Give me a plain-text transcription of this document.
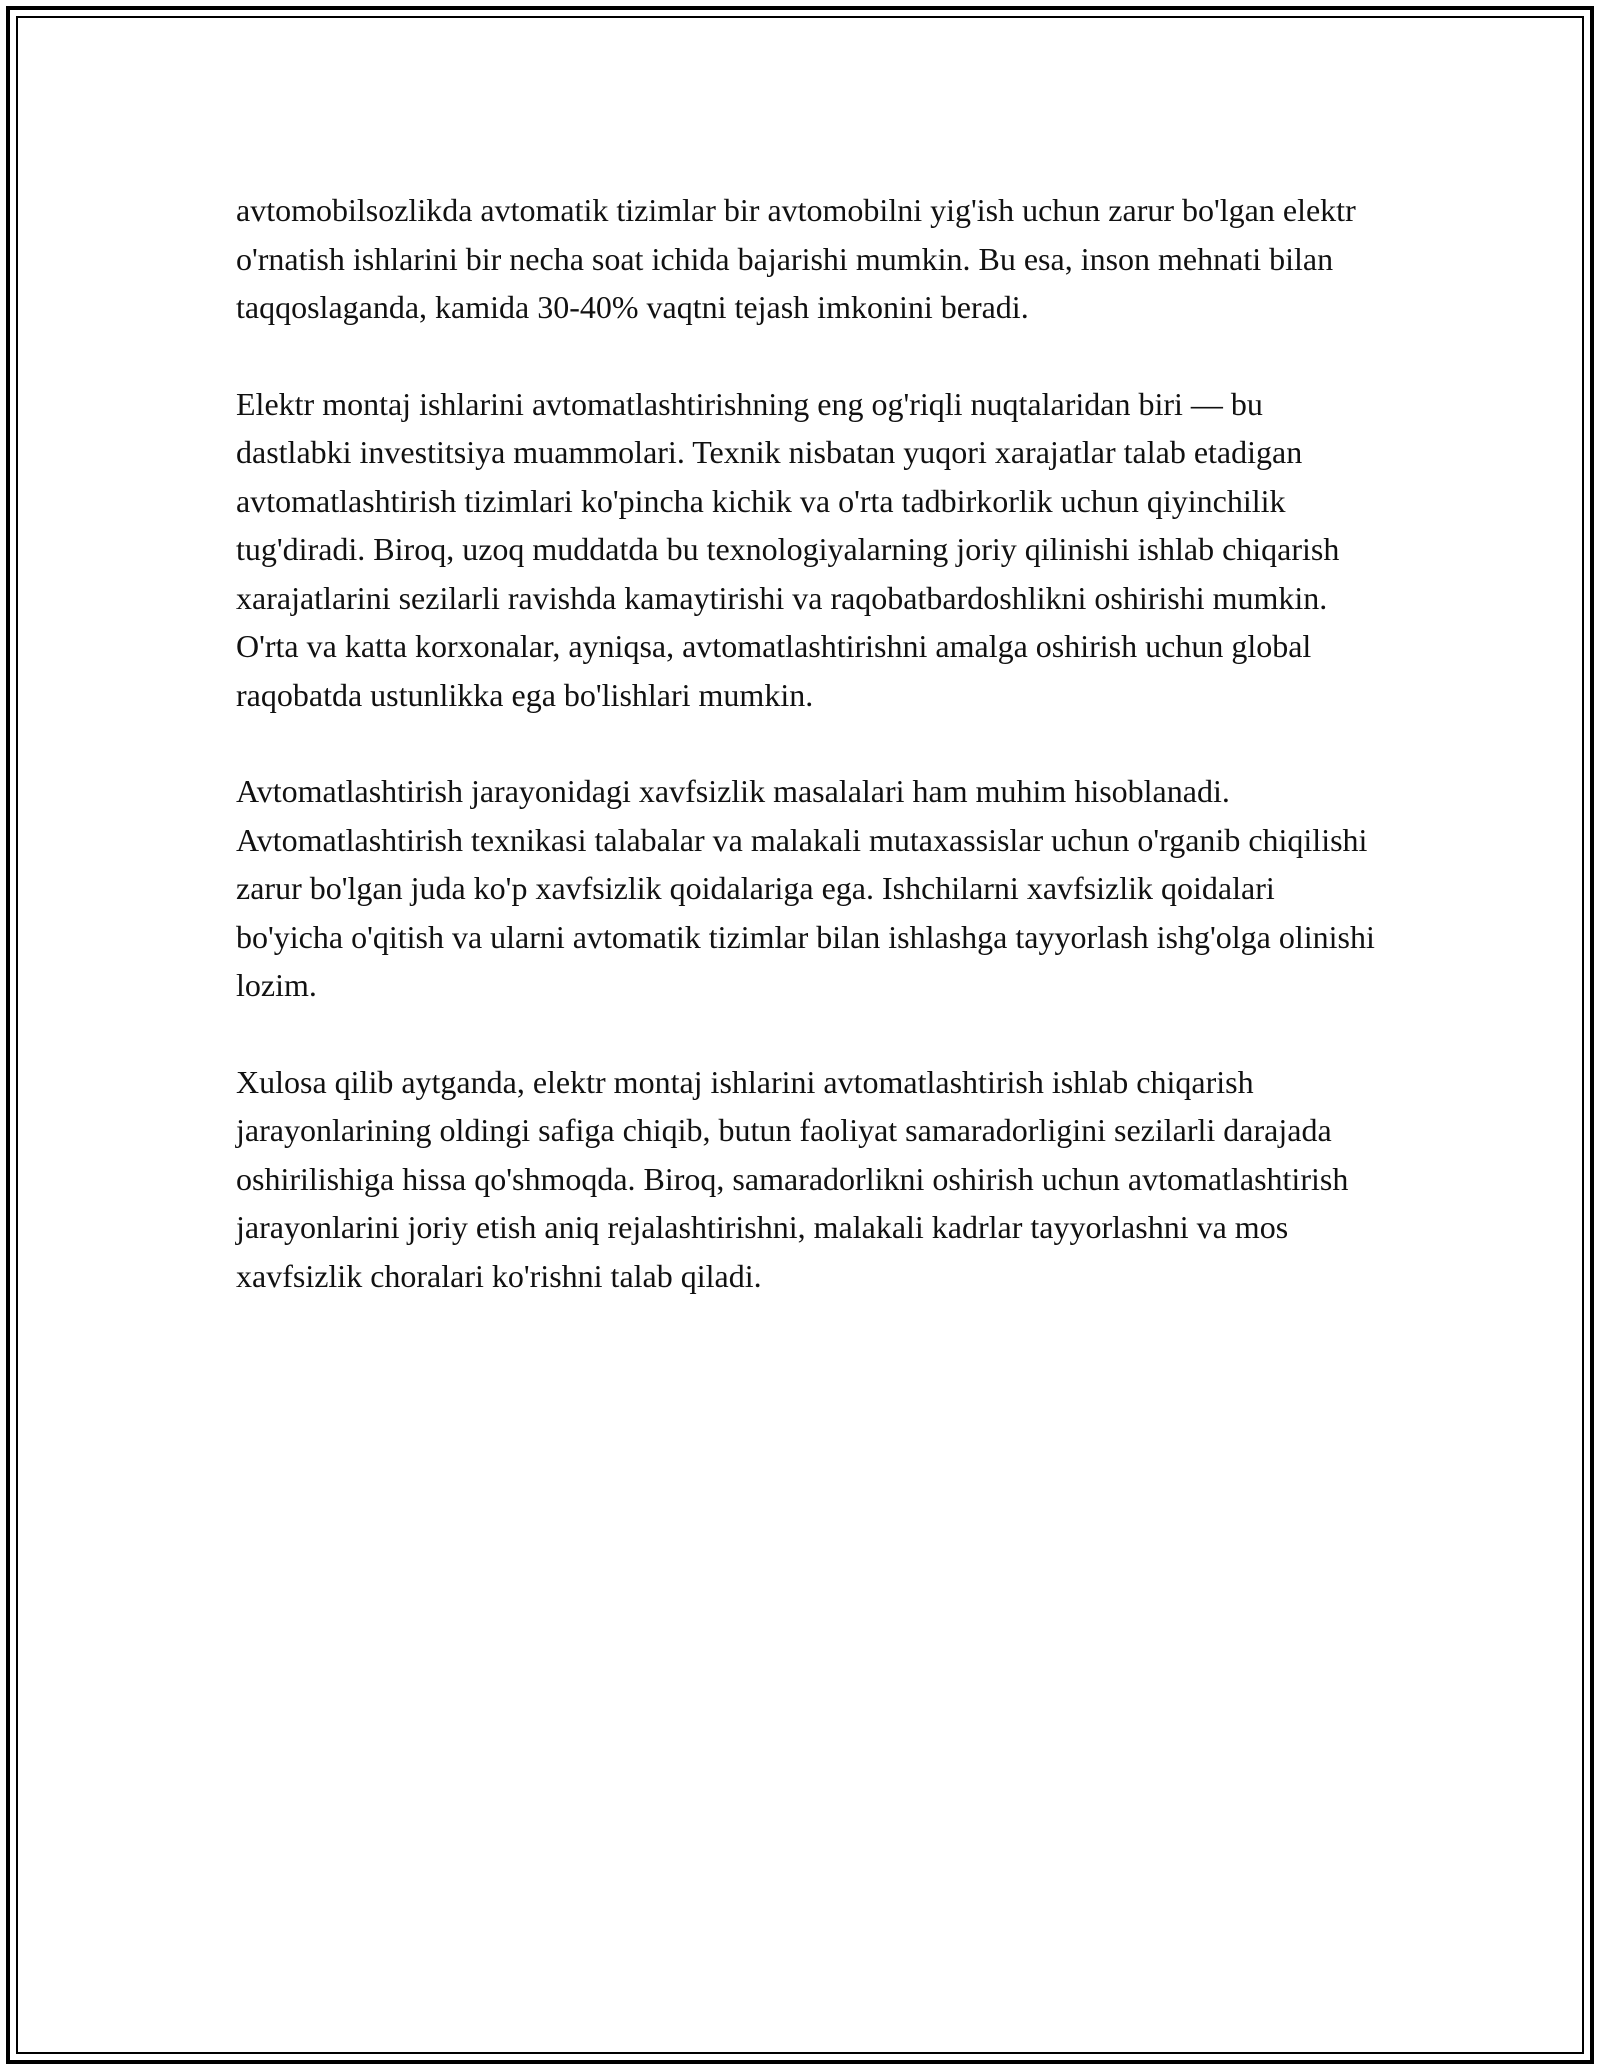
avtomobilsozlikda avtomatik tizimlar bir avtomobilni yig'ish uchun zarur bo'lgan elektr o'rnatish ishlarini bir necha soat ichida bajarishi mumkin. Bu esa, inson mehnati bilan taqqoslaganda, kamida 30-40% vaqtni tejash imkonini beradi.

Elektr montaj ishlarini avtomatlashtirishning eng og'riqli nuqtalaridan biri — bu dastlabki investitsiya muammolari. Texnik nisbatan yuqori xarajatlar talab etadigan avtomatlashtirish tizimlari ko'pincha kichik va o'rta tadbirkorlik uchun qiyinchilik tug'diradi. Biroq, uzoq muddatda bu texnologiyalarning joriy qilinishi ishlab chiqarish xarajatlarini sezilarli ravishda kamaytirishi va raqobatbardoshlikni oshirishi mumkin. O'rta va katta korxonalar, ayniqsa, avtomatlashtirishni amalga oshirish uchun global raqobatda ustunlikka ega bo'lishlari mumkin.

Avtomatlashtirish jarayonidagi xavfsizlik masalalari ham muhim hisoblanadi. Avtomatlashtirish texnikasi talabalar va malakali mutaxassislar uchun o'rganib chiqilishi zarur bo'lgan juda ko'p xavfsizlik qoidalariga ega. Ishchilarni xavfsizlik qoidalari bo'yicha o'qitish va ularni avtomatik tizimlar bilan ishlashga tayyorlash ishg'olga olinishi lozim.

Xulosa qilib aytganda, elektr montaj ishlarini avtomatlashtirish ishlab chiqarish jarayonlarining oldingi safiga chiqib, butun faoliyat samaradorligini sezilarli darajada oshirilishiga hissa qo'shmoqda. Biroq, samaradorlikni oshirish uchun avtomatlashtirish jarayonlarini joriy etish aniq rejalashtirishni, malakali kadrlar tayyorlashni va mos xavfsizlik choralari ko'rishni talab qiladi.
